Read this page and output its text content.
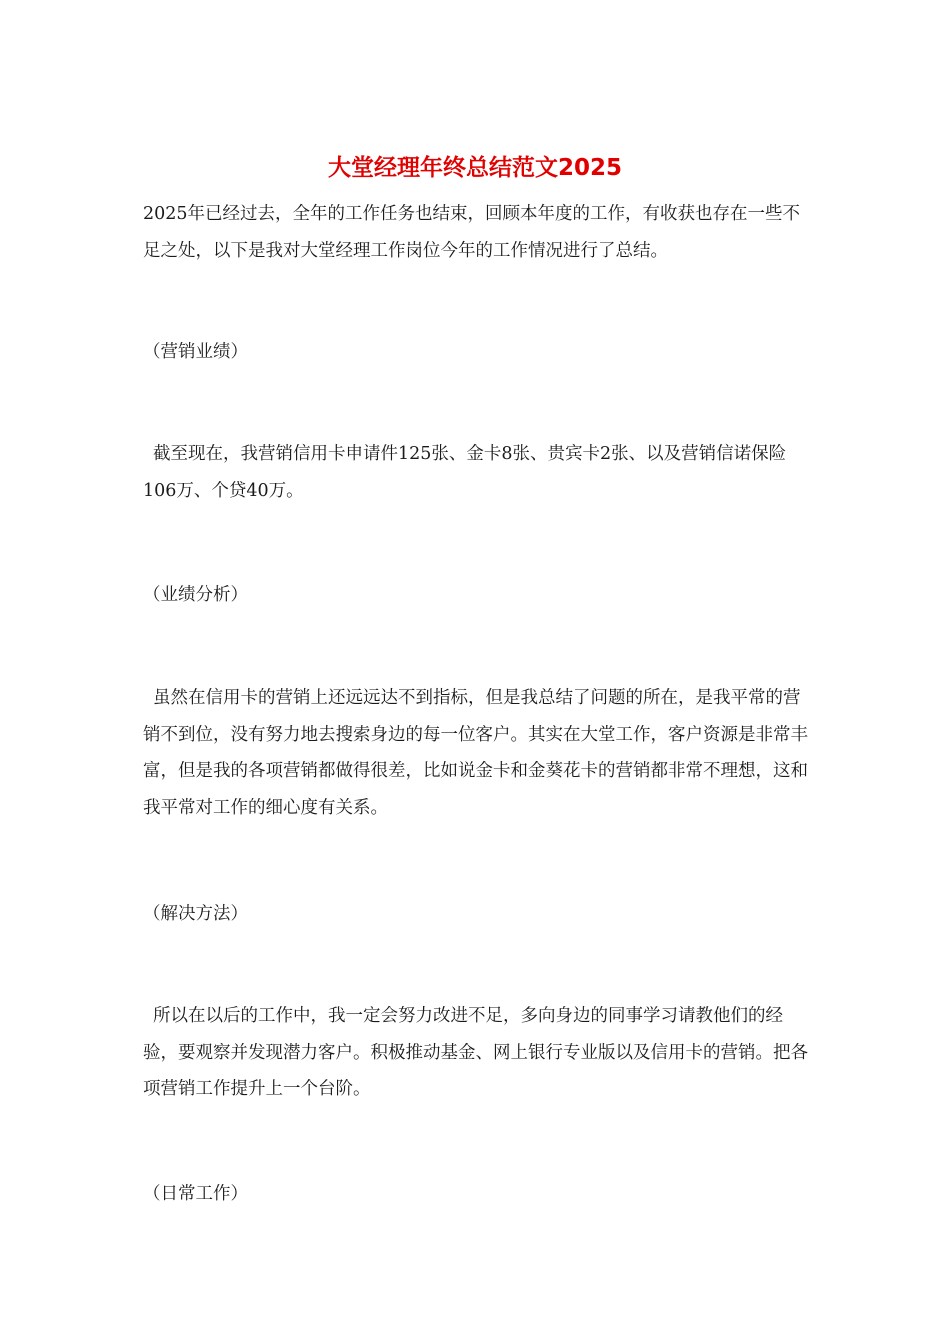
大堂经理年终总结范文2025

2025年已经过去，全年的工作任务也结束，回顾本年度的工作，有收获也存在一些不足之处，以下是我对大堂经理工作岗位今年的工作情况进行了总结。

（营销业绩）

截至现在，我营销信用卡申请件125张、金卡8张、贵宾卡2张、以及营销信诺保险106万、个贷40万。

（业绩分析）

虽然在信用卡的营销上还远远达不到指标，但是我总结了问题的所在，是我平常的营销不到位，没有努力地去搜索身边的每一位客户。其实在大堂工作，客户资源是非常丰富，但是我的各项营销都做得很差，比如说金卡和金葵花卡的营销都非常不理想，这和我平常对工作的细心度有关系。

（解决方法）

所以在以后的工作中，我一定会努力改进不足，多向身边的同事学习请教他们的经验，要观察并发现潜力客户。积极推动基金、网上银行专业版以及信用卡的营销。把各项营销工作提升上一个台阶。

（日常工作）
